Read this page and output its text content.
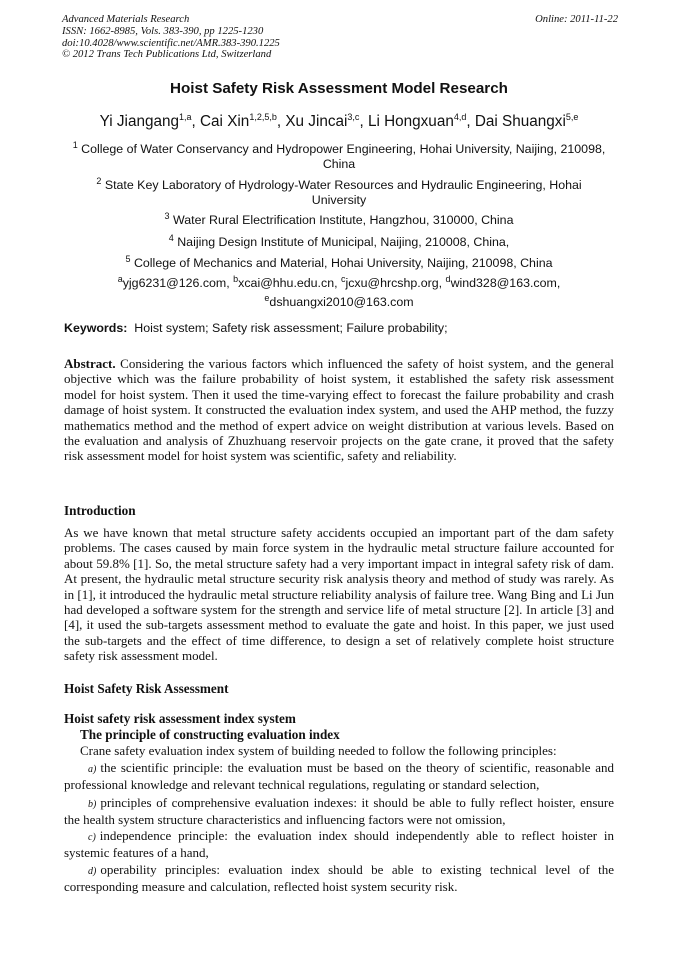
Advanced Materials Research
ISSN: 1662-8985, Vols. 383-390, pp 1225-1230
doi:10.4028/www.scientific.net/AMR.383-390.1225
© 2012 Trans Tech Publications Ltd, Switzerland
Online: 2011-11-22
Hoist Safety Risk Assessment Model Research
Yi Jiangang$^{1,a}$, Cai Xin$^{1,2,5,b}$, Xu Jincai$^{3,c}$, Li Hongxuan$^{4,d}$, Dai Shuangxi$^{5,e}$
$^1$ College of Water Conservancy and Hydropower Engineering, Hohai University, Naijing, 210098,
China
$^2$ State Key Laboratory of Hydrology-Water Resources and Hydraulic Engineering, Hohai
University
$^3$ Water Rural Electrification Institute, Hangzhou, 310000, China
$^4$ Naijing Design Institute of Municipal, Naijing, 210008, China,
$^5$ College of Mechanics and Material, Hohai University, Naijing, 210098, China
$^a$yjg6231@126.com, $^b$xcai@hhu.edu.cn, $^c$jcxu@hrcshp.org, $^d$wind328@163.com,
$^e$dshuangxi2010@163.com
Keywords: Hoist system; Safety risk assessment; Failure probability;
Abstract. Considering the various factors which influenced the safety of hoist system, and the general objective which was the failure probability of hoist system, it established the safety risk assessment model for hoist system. Then it used the time-varying effect to forecast the failure probability and crash damage of hoist system. It constructed the evaluation index system, and used the AHP method, the fuzzy mathematics method and the method of expert advice on weight distribution at various levels. Based on the evaluation and analysis of Zhuzhuang reservoir projects on the gate crane, it proved that the safety risk assessment model for hoist system was scientific, safety and reliability.
Introduction
As we have known that metal structure safety accidents occupied an important part of the dam safety problems. The cases caused by main force system in the hydraulic metal structure failure accounted for about 59.8% [1]. So, the metal structure safety had a very important impact in integral safety risk of dam. At present, the hydraulic metal structure security risk analysis theory and method of study was rarely. As in [1], it introduced the hydraulic metal structure reliability analysis of failure tree. Wang Bing and Li Jun had developed a software system for the strength and service life of metal structure [2]. In article [3] and [4], it used the sub-targets assessment method to evaluate the gate and hoist. In this paper, we just used the sub-targets and the effect of time difference, to design a set of relatively complete hoist structure safety risk assessment model.
Hoist Safety Risk Assessment
Hoist safety risk assessment index system
The principle of constructing evaluation index
Crane safety evaluation index system of building needed to follow the following principles:
a) the scientific principle: the evaluation must be based on the theory of scientific, reasonable and professional knowledge and relevant technical regulations, regulating or standard selection,
b) principles of comprehensive evaluation indexes: it should be able to fully reflect hoister, ensure the health system structure characteristics and influencing factors were not omission,
c) independence principle: the evaluation index should independently able to reflect hoister in systemic features of a hand,
d) operability principles: evaluation index should be able to existing technical level of the corresponding measure and calculation, reflected hoist system security risk.
